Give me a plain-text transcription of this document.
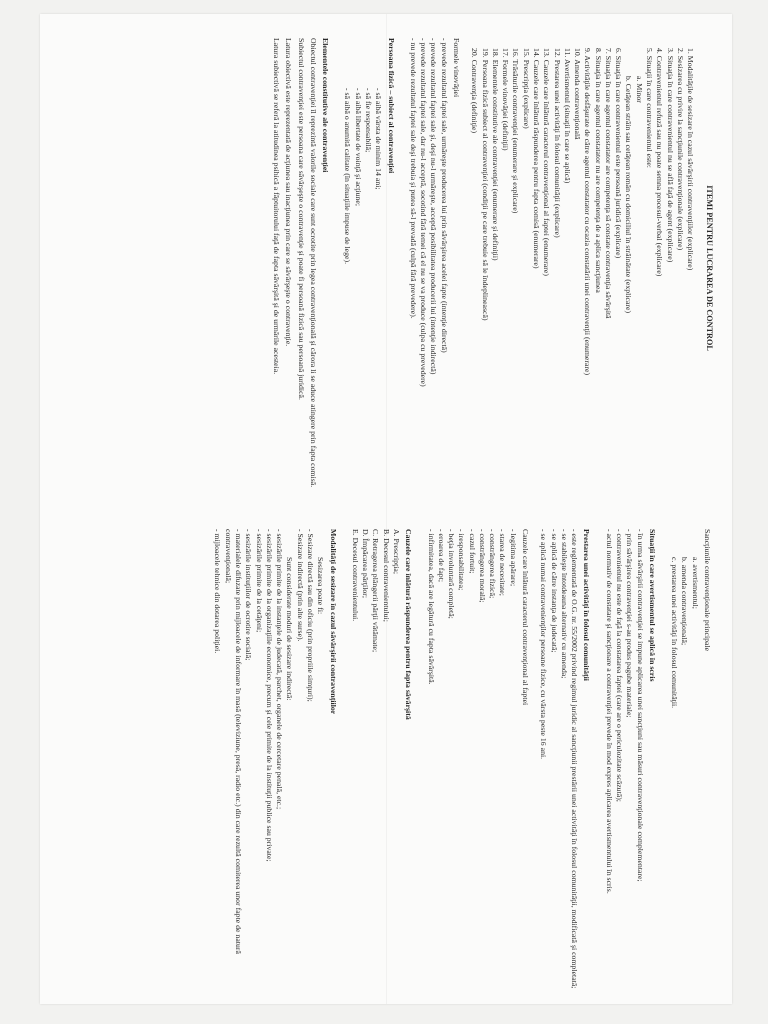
ITEMI PENTRU LUCRAREA DE CONTROL
1. Modalităţile de sesizare în cazul săvârşirii contravenţiilor (explicare)
2. Sesizarea cu privire la sancţiunile contravenţionale (explicare)
3. Situaţia în care contravenientul nu se află faţă de agent (explicare)
4. Contravenientul refuză sau nu poate semna procesul-verbal (explicare)
5. Situaţii în care contravenientul este:
a. Minor
b. Cetăţean străin sau cetăţean român cu domiciliul în străinătate (explicare)
6. Situaţia în care contravenientul este persoană juridică (explicare)
7. Situaţia în care agentul constatator are competenţa să constate contravenţia săvârşită
8. Situaţia în care agentul constatator nu are competenţa de a aplica sancţiunea
9. Activităţile desfăşurate de către agentul constatator cu ocazia constatării unei contravenţii (enumerare)
10. Amenda contravenţională
11. Avertismentul (situaţii în care se aplică)
12. Prestarea unei activităţi în folosul comunităţii (explicare)
13. Cauzele care înlătură caracterul contravenţional al faptei (enumerare)
14. Cauzele care înlătură răspunderea pentru fapta comisă (enumerare)
15. Prescripţia (explicare)
16. Trăsăturile contravenţiei (enumerare şi explicare)
17. Formele vinovăţiei (definiţii)
18. Elementele constitutive ale contravenţiei (enumerare şi definiţii)
19. Persoana fizică subiect al contravenţiei (condiţii pe care trebuie să le îndeplinească)
20. Contravenţia (definiţie)
Formele vinovăţiei
- prevede rezultatul faptei sale, urmăreşte producerea lui prin săvârşirea acelei fapte (intenţie directă)
- prevede rezultatul faptei sale şi, deşi nu-l urmăreşte, acceptă posibilitatea producerii lui (intenţie indirectă)
- prevede rezultatul faptei sale, dar nu-l acceptă, socotind fără temei că el nu se va produce (culpa cu prevedere)
- nu prevede rezultatul faptei sale deşi trebuia şi putea să-l prevadă (culpă fără prevedere).
Persoana fizică – subiect al contravenţiei
- să aibă vârsta de minim 14 ani;
- să fie responsabilă;
- să aibă libertate de voinţă şi acţiune;
- să aibă o anumită calitate (în situaţiile impuse de lege).
Elementele constitutive ale contravenţiei
Obiectul contravenţiei îl reprezintă valorile sociale care sunt ocrotite prin legea contravenţională şi cărora li se aduce atingere prin fapta comisă.
Subiectul contravenţiei este persoana care săvârşeşte o contravenţie şi poate fi persoană fizică sau persoană juridică.
Latura obiectivă este reprezentată de acţiunea sau inacţiunea prin care se săvârşeşte o contravenţie.
Latura subiectivă se referă la atitudinea psihică a făptuitorului faţă de fapta săvârşită şi de urmările acesteia.
Sancţiunile contravenţionale principale
a. avertismentul;
b. amenda contravenţională;
c. prestarea unei activităţi în folosul comunităţii.
Situaţii în care avertismentul se aplică în scris
- în urma săvârşirii contravenţiei se impune aplicarea unei sancţiuni sau măsuri contravenţionale complementare;
- prin săvârşirea contravenţiei s-au produs pagube materiale;
- contravenientul nu este de faţă la constatarea faptei (care are o periculozitate scăzută);
- actul normativ de constatare şi sancţionare a contravenţiei prevede în mod expres aplicarea avertismentului în scris.
Prestarea unei activităţi în folosul comunităţii
- este reglementată de O.G. nr. 55/2002 privind regimul juridic al sancţiunii prestării unei activităţi în folosul comunităţii, modificată şi completată;
- se stabileşte întotdeauna alternativ cu amenda;
- se aplică de către instanţa de judecată;
- se aplică numai contravenienţilor persoane fizice, cu vârsta peste 16 ani.
Cauzele care înlătură caracterul contravenţional al faptei
- legitima apărare;
- starea de necesitate;
- constrângerea fizică;
- constrângerea morală;
- cazul fortuit;
- iresponsabilitatea;
- beţia involuntară completă;
- eroarea de fapt;
- infirmitatea, dacă are legătură cu fapta săvârşită.
Cauzele care înlătură răspunderea pentru fapta săvârşită
A. Prescripţia;
B. Decesul contravenientului;
C. Retragerea plângerii părţii vătămate;
D. Împăcarea părţilor;
E. Decesul contravenientului.
Modalităţi de sesizare în cazul săvârşirii contravenţiilor
Sesizarea poate fi:
- Sesizare directă sau din oficiu (prin propriile simţuri);
- Sesizare indirectă (prin alte surse).
Sunt considerate moduri de sesizare indirectă:
- sesizările primite de la instanţele de judecată, parchet, organele de cercetare penală, etc.;
- sesizările primite de la organizaţiile economice, precum şi cele primite de la instituţii publice sau private;
- sesizările primite de la cetăţeni;
- sesizările instituţiilor de ocrotire socială;
- materialele difuzate prin mijloacele de informare în masă (televiziune, presă, radio etc.) din care rezultă comiterea unor fapte de natură contravenţională;
- mijloacele tehnice din dotarea poliţiei.
